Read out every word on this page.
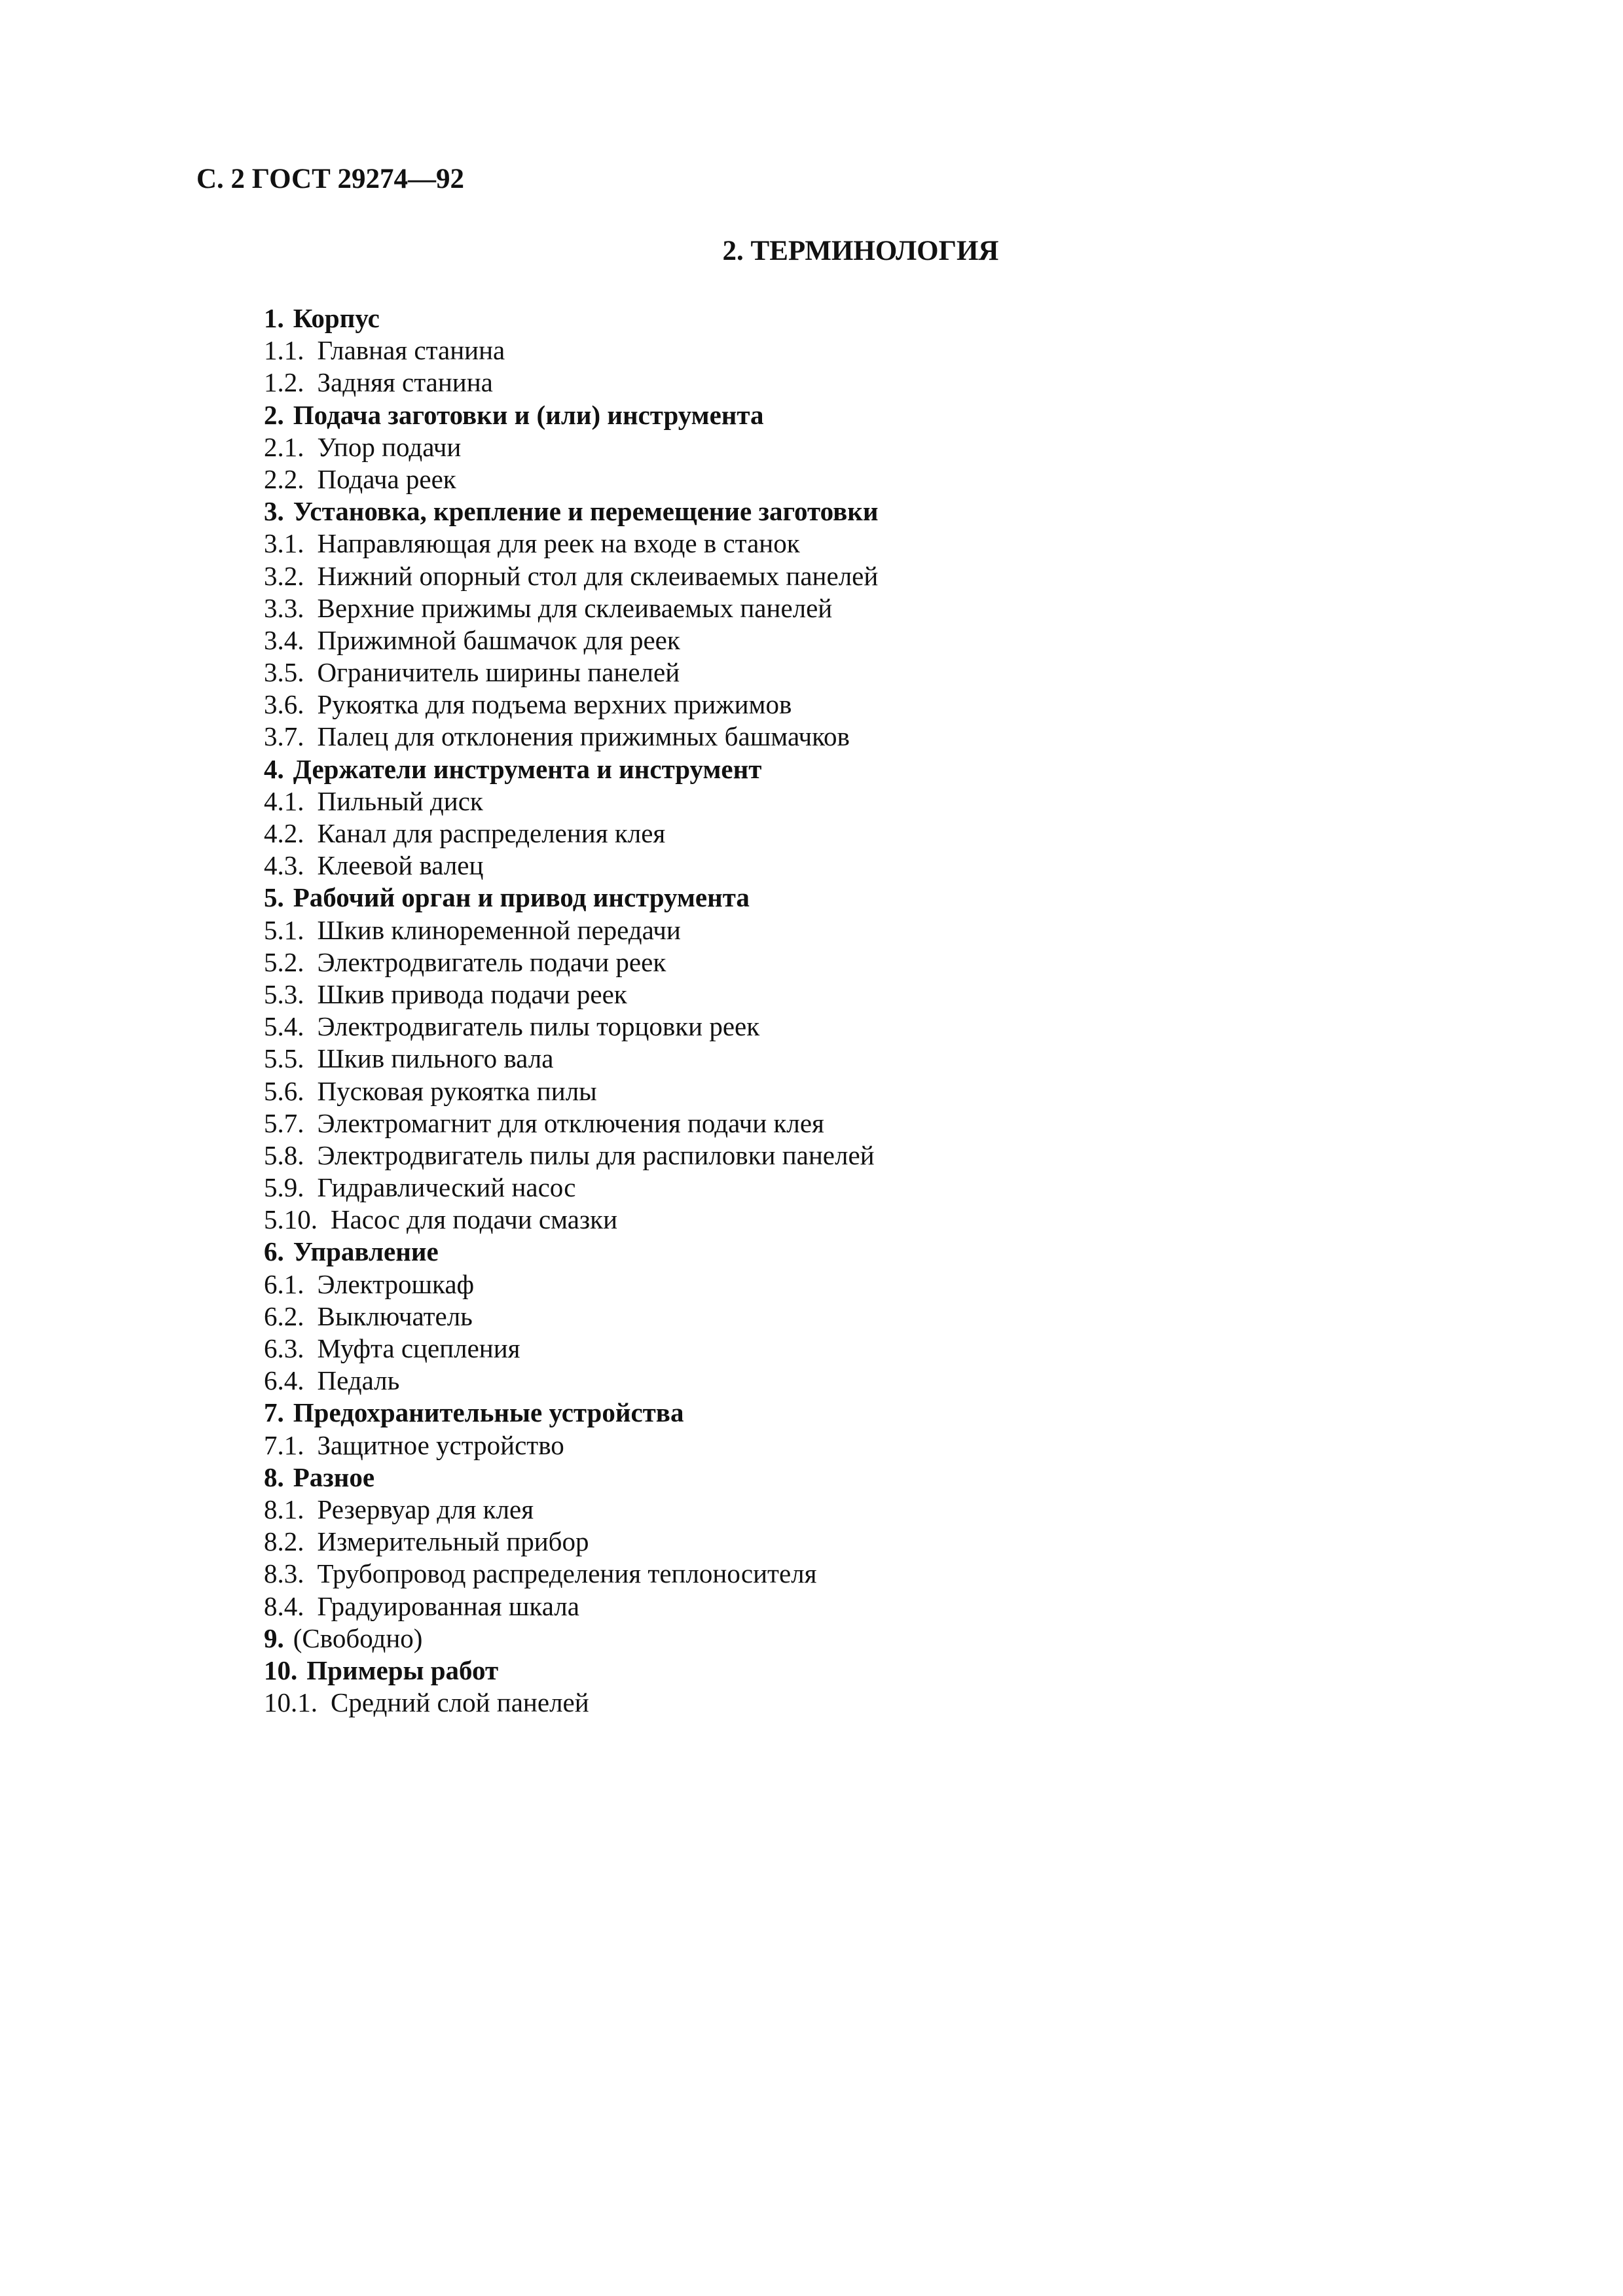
С. 2 ГОСТ 29274—92
2. ТЕРМИНОЛОГИЯ
1. Корпус
1.1. Главная станина
1.2. Задняя станина
2. Подача заготовки и (или) инструмента
2.1. Упор подачи
2.2. Подача реек
3. Установка, крепление и перемещение заготовки
3.1. Направляющая для реек на входе в станок
3.2. Нижний опорный стол для склеиваемых панелей
3.3. Верхние прижимы для склеиваемых панелей
3.4. Прижимной башмачок для реек
3.5. Ограничитель ширины панелей
3.6. Рукоятка для подъема верхних прижимов
3.7. Палец для отклонения прижимных башмачков
4. Держатели инструмента и инструмент
4.1. Пильный диск
4.2. Канал для распределения клея
4.3. Клеевой валец
5. Рабочий орган и привод инструмента
5.1. Шкив клиноременной передачи
5.2. Электродвигатель подачи реек
5.3. Шкив привода подачи реек
5.4. Электродвигатель пилы торцовки реек
5.5. Шкив пильного вала
5.6. Пусковая рукоятка пилы
5.7. Электромагнит для отключения подачи клея
5.8. Электродвигатель пилы для распиловки панелей
5.9. Гидравлический насос
5.10. Насос для подачи смазки
6. Управление
6.1. Электрошкаф
6.2. Выключатель
6.3. Муфта сцепления
6.4. Педаль
7. Предохранительные устройства
7.1. Защитное устройство
8. Разное
8.1. Резервуар для клея
8.2. Измерительный прибор
8.3. Трубопровод распределения теплоносителя
8.4. Градуированная шкала
9. (Свободно)
10. Примеры работ
10.1. Средний слой панелей
